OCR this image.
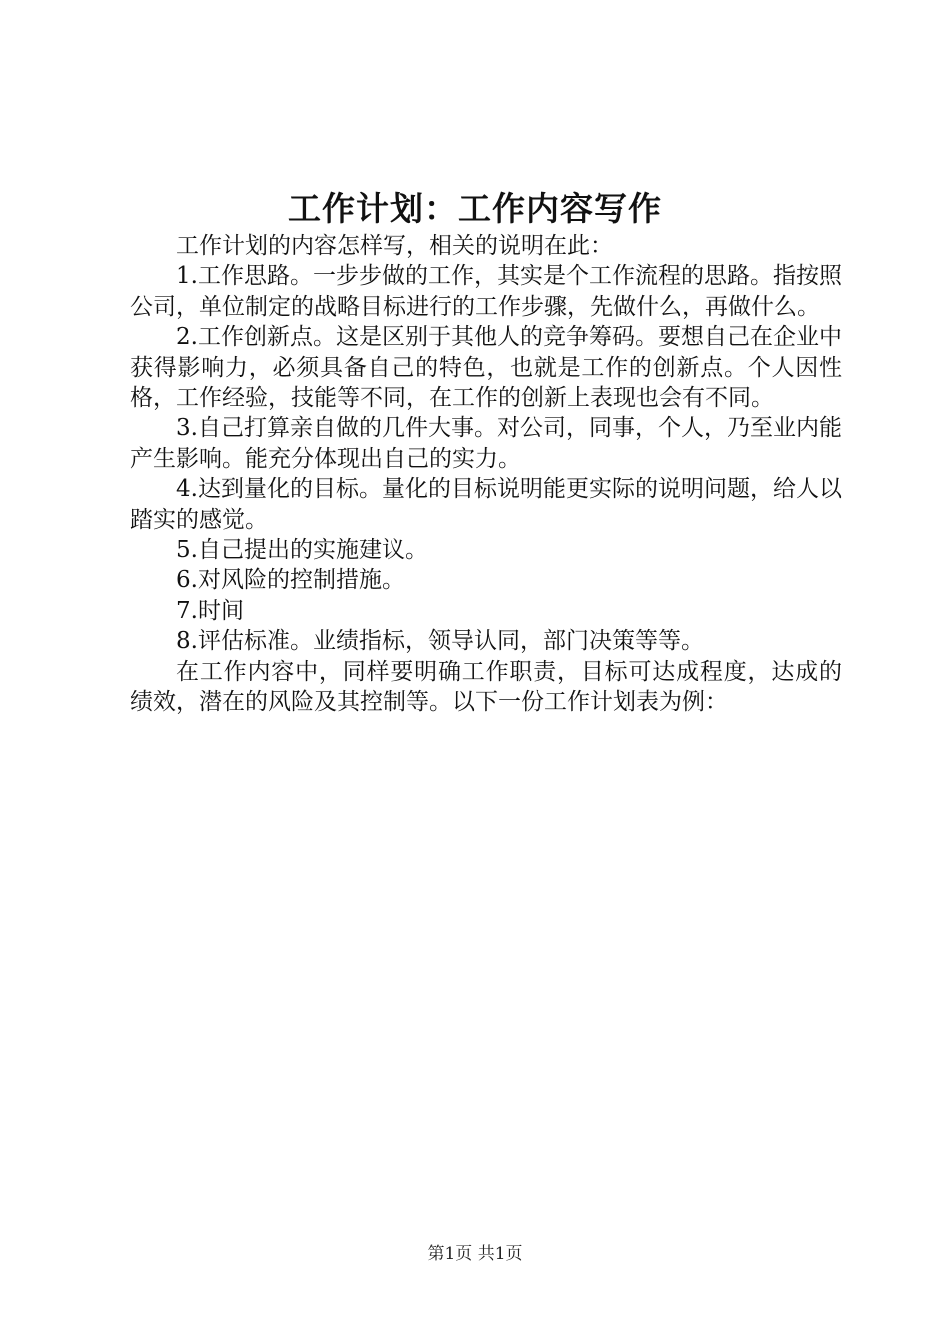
工作计划：工作内容写作

工作计划的内容怎样写，相关的说明在此：

1.工作思路。一步步做的工作，其实是个工作流程的思路。指按照公司，单位制定的战略目标进行的工作步骤，先做什么，再做什么。

2.工作创新点。这是区别于其他人的竞争筹码。要想自己在企业中获得影响力，必须具备自己的特色，也就是工作的创新点。个人因性格，工作经验，技能等不同，在工作的创新上表现也会有不同。

3.自己打算亲自做的几件大事。对公司，同事，个人，乃至业内能产生影响。能充分体现出自己的实力。

4.达到量化的目标。量化的目标说明能更实际的说明问题，给人以踏实的感觉。

5.自己提出的实施建议。

6.对风险的控制措施。

7.时间

8.评估标准。业绩指标，领导认同，部门决策等等。

在工作内容中，同样要明确工作职责，目标可达成程度，达成的绩效，潜在的风险及其控制等。以下一份工作计划表为例：

第1页 共1页
